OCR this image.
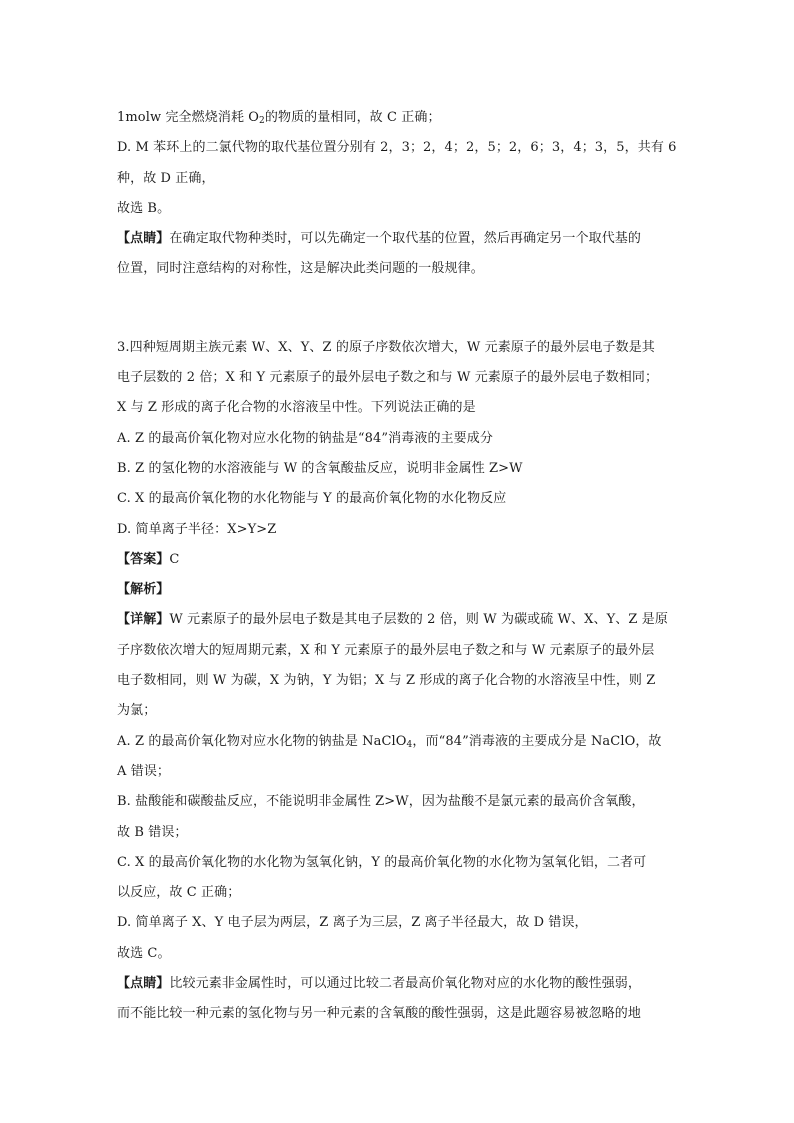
1molw 完全燃烧消耗 $O_2$的物质的量相同，故 C 正确；
D. M 苯环上的二氯代物的取代基位置分别有 2，3；2，4；2，5；2，6；3，4；3，5，共有 6
种，故 D 正确，
故选 B。
【点睛】在确定取代物种类时，可以先确定一个取代基的位置，然后再确定另一个取代基的
位置，同时注意结构的对称性，这是解决此类问题的一般规律。
3.四种短周期主族元素 W、X、Y、Z 的原子序数依次增大，W 元素原子的最外层电子数是其
电子层数的 2 倍；X 和 Y 元素原子的最外层电子数之和与 W 元素原子的最外层电子数相同；
X 与 Z 形成的离子化合物的水溶液呈中性。下列说法正确的是
A. Z 的最高价氧化物对应水化物的钠盐是“84”消毒液的主要成分
B. Z 的氢化物的水溶液能与 W 的含氧酸盐反应，说明非金属性 Z>W
C. X 的最高价氧化物的水化物能与 Y 的最高价氧化物的水化物反应
D. 简单离子半径：X>Y>Z
【答案】C
【解析】
【详解】W 元素原子的最外层电子数是其电子层数的 2 倍，则 W 为碳或硫 W、X、Y、Z 是原
子序数依次增大的短周期元素，X 和 Y 元素原子的最外层电子数之和与 W 元素原子的最外层
电子数相同，则 W 为碳，X 为钠，Y 为铝；X 与 Z 形成的离子化合物的水溶液呈中性，则 Z
为氯；
A. Z 的最高价氧化物对应水化物的钠盐是 NaClO$_4$，而“84”消毒液的主要成分是 NaClO，故
A 错误；
B. 盐酸能和碳酸盐反应，不能说明非金属性 Z>W，因为盐酸不是氯元素的最高价含氧酸，
故 B 错误；
C. X 的最高价氧化物的水化物为氢氧化钠，Y 的最高价氧化物的水化物为氢氧化铝，二者可
以反应，故 C 正确；
D. 简单离子 X、Y 电子层为两层，Z 离子为三层，Z 离子半径最大，故 D 错误，
故选 C。
【点睛】比较元素非金属性时，可以通过比较二者最高价氧化物对应的水化物的酸性强弱，
而不能比较一种元素的氢化物与另一种元素的含氧酸的酸性强弱，这是此题容易被忽略的地
